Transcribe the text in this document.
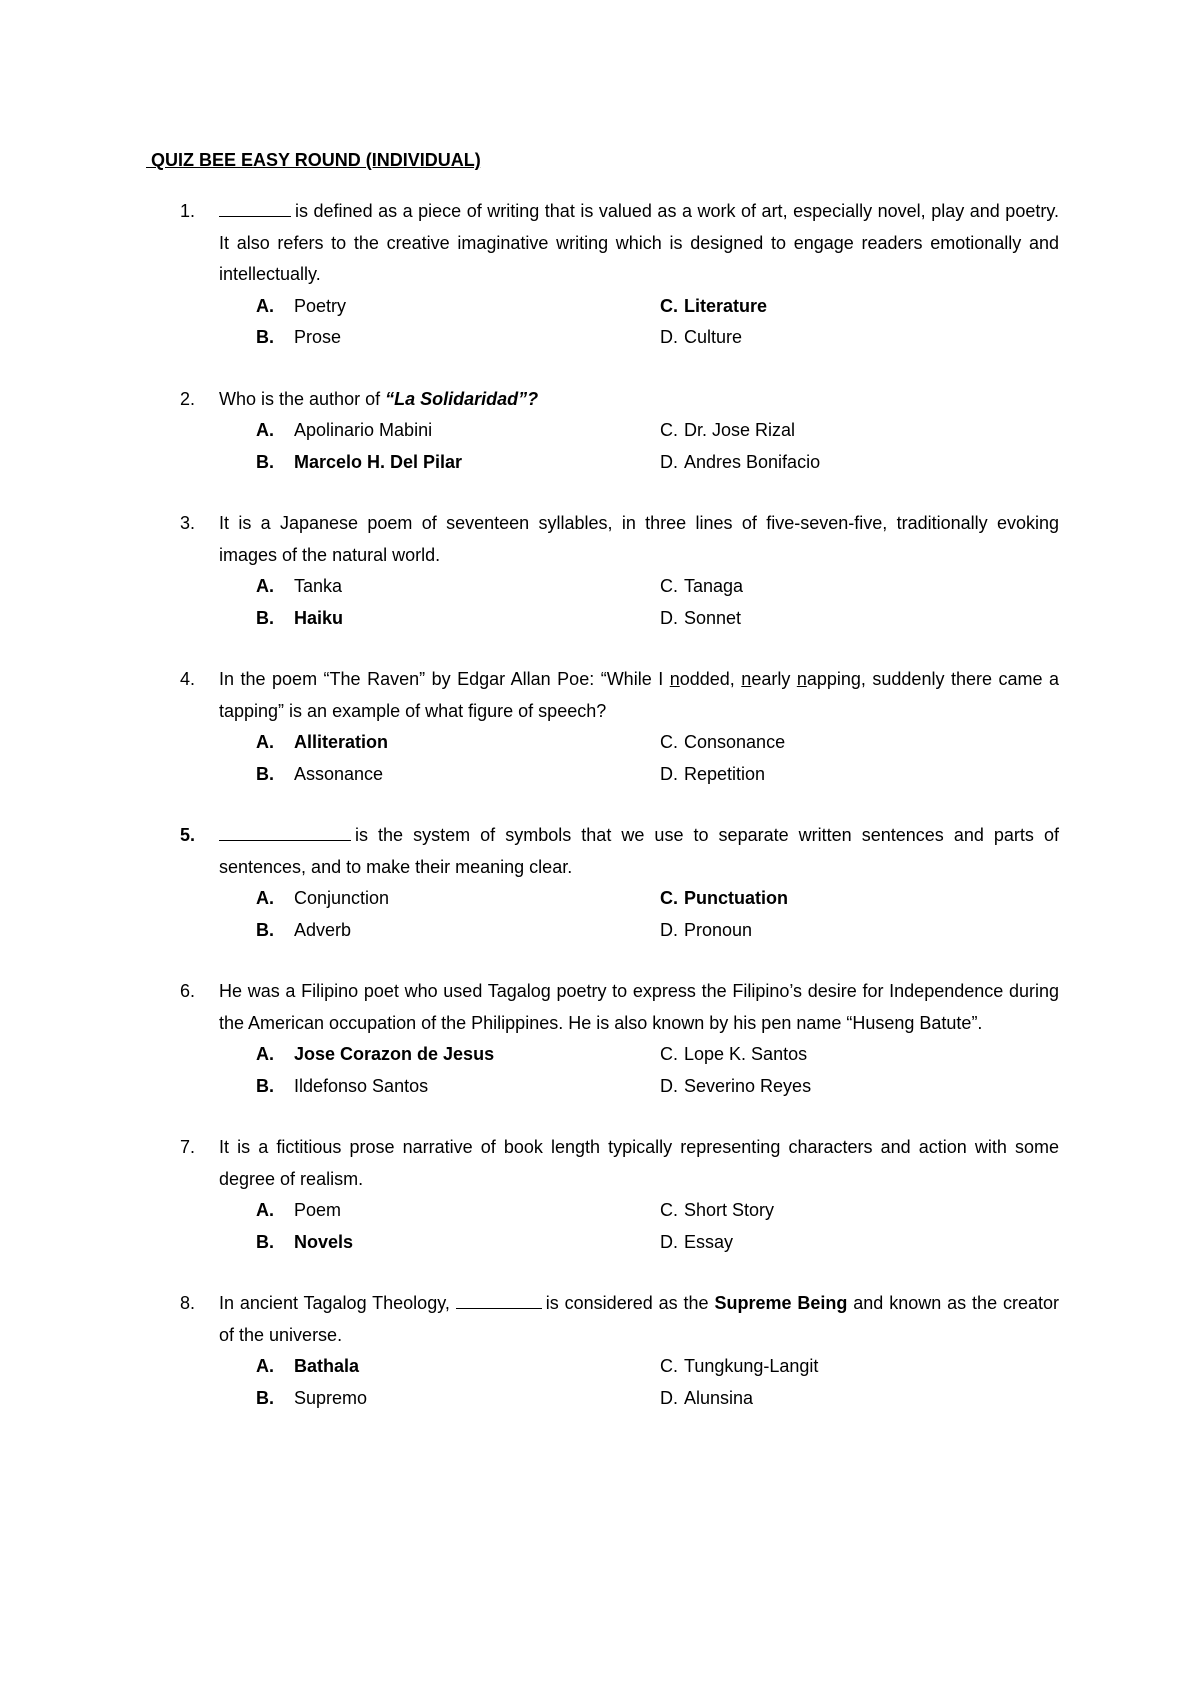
QUIZ BEE EASY ROUND (INDIVIDUAL)
1.	is defined as a piece of writing that is valued as a work of art, especially novel, play and poetry. It also refers to the creative imaginative writing which is designed to engage readers emotionally and intellectually.
A. Poetry
B. Prose
C. Literature
D. Culture
2. Who is the author of “La Solidaridad”?
A. Apolinario Mabini
B. Marcelo H. Del Pilar
C. Dr. Jose Rizal
D. Andres Bonifacio
3. It is a Japanese poem of seventeen syllables, in three lines of five-seven-five, traditionally evoking images of the natural world.
A. Tanka
B. Haiku
C. Tanaga
D. Sonnet
4. In the poem “The Raven” by Edgar Allan Poe: “While I nodded, nearly napping, suddenly there came a tapping” is an example of what figure of speech?
A. Alliteration
B. Assonance
C. Consonance
D. Repetition
5.	is the system of symbols that we use to separate written sentences and parts of sentences, and to make their meaning clear.
A. Conjunction
B. Adverb
C. Punctuation
D. Pronoun
6. He was a Filipino poet who used Tagalog poetry to express the Filipino’s desire for Independence during the American occupation of the Philippines. He is also known by his pen name “Huseng Batute”.
A. Jose Corazon de Jesus
B. Ildefonso Santos
C. Lope K. Santos
D. Severino Reyes
7. It is a fictitious prose narrative of book length typically representing characters and action with some degree of realism.
A. Poem
B. Novels
C. Short Story
D. Essay
8. In ancient Tagalog Theology,	is considered as the Supreme Being and known as the creator of the universe.
A. Bathala
B. Supremo
C. Tungkung-Langit
D. Alunsina
